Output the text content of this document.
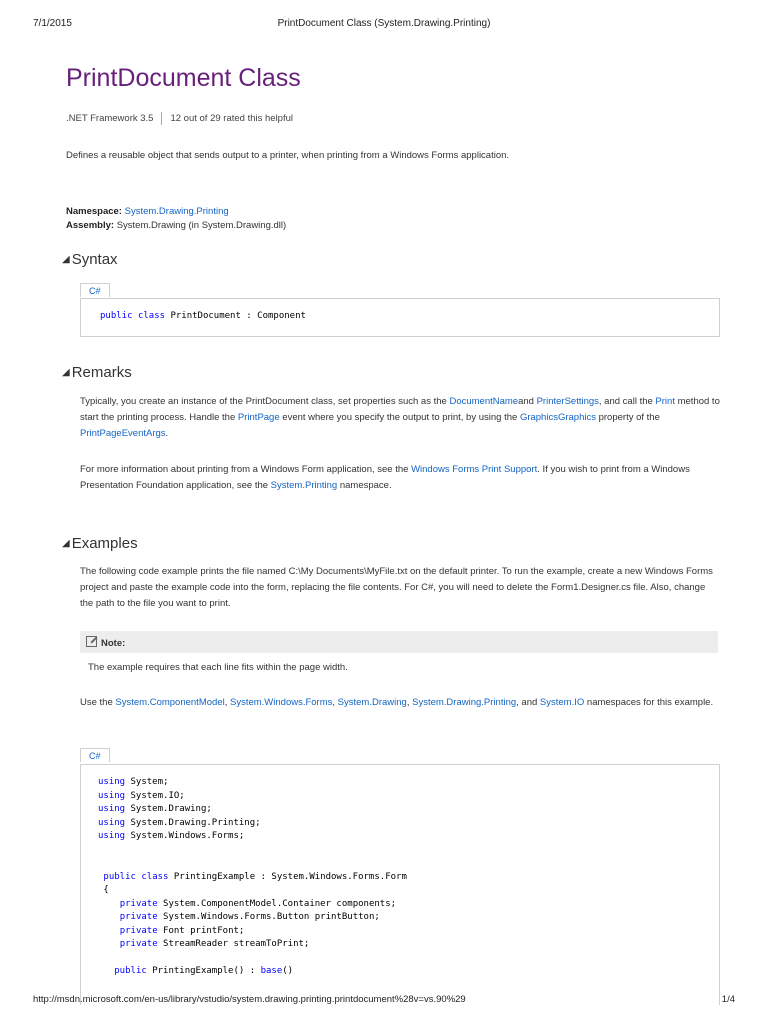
7/1/2015	PrintDocument Class (System.Drawing.Printing)
PrintDocument Class
.NET Framework 3.5 12 out of 29 rated this helpful
Defines a reusable object that sends output to a printer, when printing from a Windows Forms application.
Namespace: System.Drawing.Printing
Assembly: System.Drawing (in System.Drawing.dll)
◢ Syntax
C#
public class PrintDocument : Component
◢ Remarks
Typically, you create an instance of the PrintDocument class, set properties such as the DocumentNameand PrinterSettings, and call the Print method to start the printing process. Handle the PrintPage event where you specify the output to print, by using the GraphicsGraphics property of the PrintPageEventArgs.
For more information about printing from a Windows Form application, see the Windows Forms Print Support. If you wish to print from a Windows Presentation Foundation application, see the System.Printing namespace.
◢ Examples
The following code example prints the file named C:\My Documents\MyFile.txt on the default printer. To run the example, create a new Windows Forms project and paste the example code into the form, replacing the file contents. For C#, you will need to delete the Form1.Designer.cs file. Also, change the path to the file you want to print.
Note:
The example requires that each line fits within the page width.
Use the System.ComponentModel, System.Windows.Forms, System.Drawing, System.Drawing.Printing, and System.IO namespaces for this example.
C#
using System;
using System.IO;
using System.Drawing;
using System.Drawing.Printing;
using System.Windows.Forms;

public class PrintingExample : System.Windows.Forms.Form
{
private System.ComponentModel.Container components;
private System.Windows.Forms.Button printButton;
private Font printFont;
private StreamReader streamToPrint;

public PrintingExample() : base()

http://msdn.microsoft.com/en-us/library/vstudio/system.drawing.printing.printdocument%28v=vs.90%29	1/4
